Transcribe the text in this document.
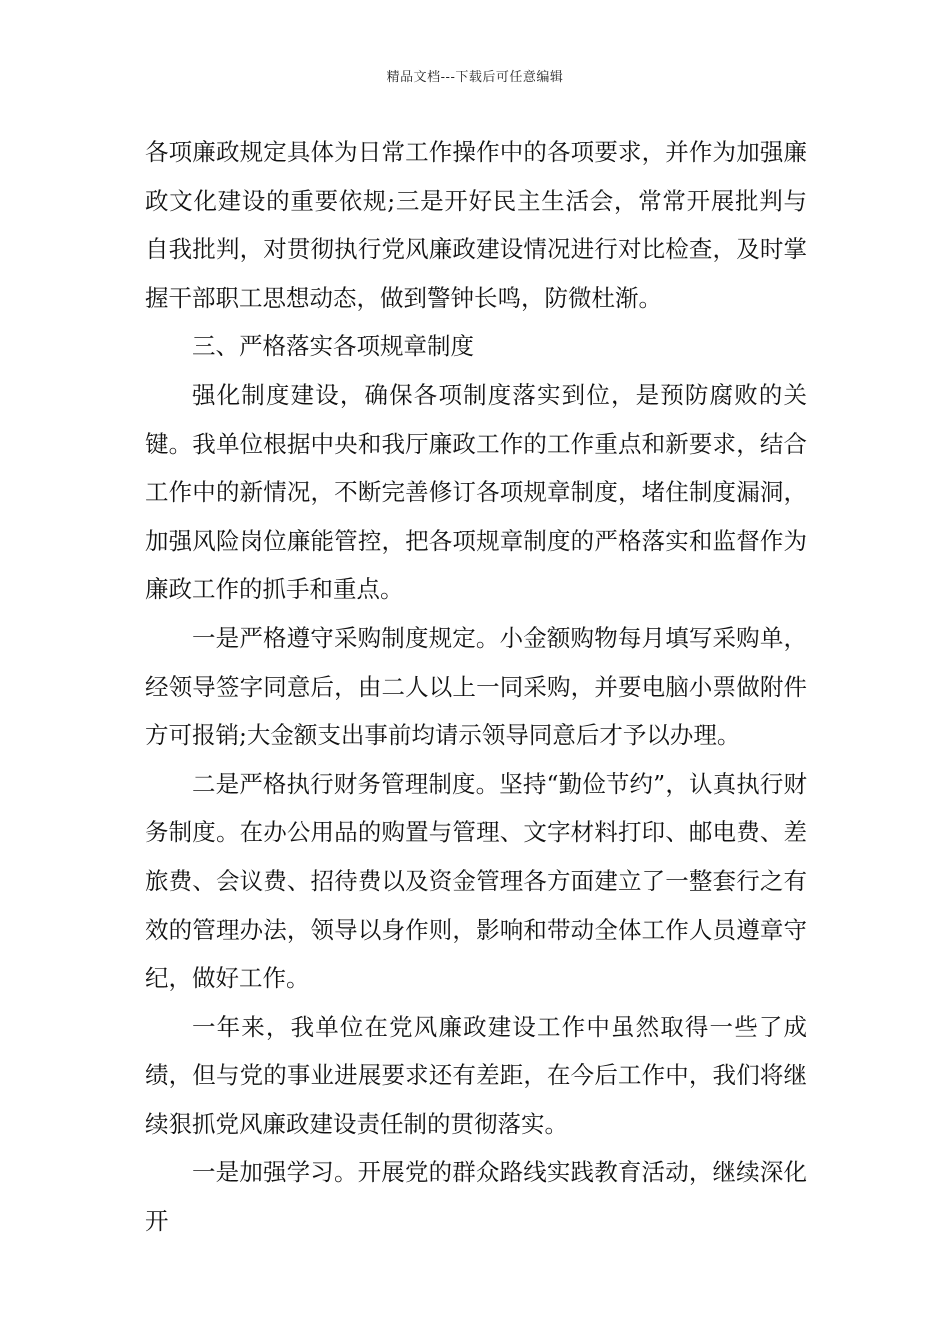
精品文档---下载后可任意编辑

各项廉政规定具体为日常工作操作中的各项要求，并作为加强廉政文化建设的重要依规;三是开好民主生活会，常常开展批判与自我批判，对贯彻执行党风廉政建设情况进行对比检查，及时掌握干部职工思想动态，做到警钟长鸣，防微杜渐。

三、严格落实各项规章制度

强化制度建设，确保各项制度落实到位，是预防腐败的关键。我单位根据中央和我厅廉政工作的工作重点和新要求，结合工作中的新情况，不断完善修订各项规章制度，堵住制度漏洞，加强风险岗位廉能管控，把各项规章制度的严格落实和监督作为廉政工作的抓手和重点。

一是严格遵守采购制度规定。小金额购物每月填写采购单，经领导签字同意后，由二人以上一同采购，并要电脑小票做附件方可报销;大金额支出事前均请示领导同意后才予以办理。

二是严格执行财务管理制度。坚持“勤俭节约”，认真执行财务制度。在办公用品的购置与管理、文字材料打印、邮电费、差旅费、会议费、招待费以及资金管理各方面建立了一整套行之有效的管理办法，领导以身作则，影响和带动全体工作人员遵章守纪，做好工作。

一年来，我单位在党风廉政建设工作中虽然取得一些了成绩，但与党的事业进展要求还有差距，在今后工作中，我们将继续狠抓党风廉政建设责任制的贯彻落实。

一是加强学习。开展党的群众路线实践教育活动，继续深化开
